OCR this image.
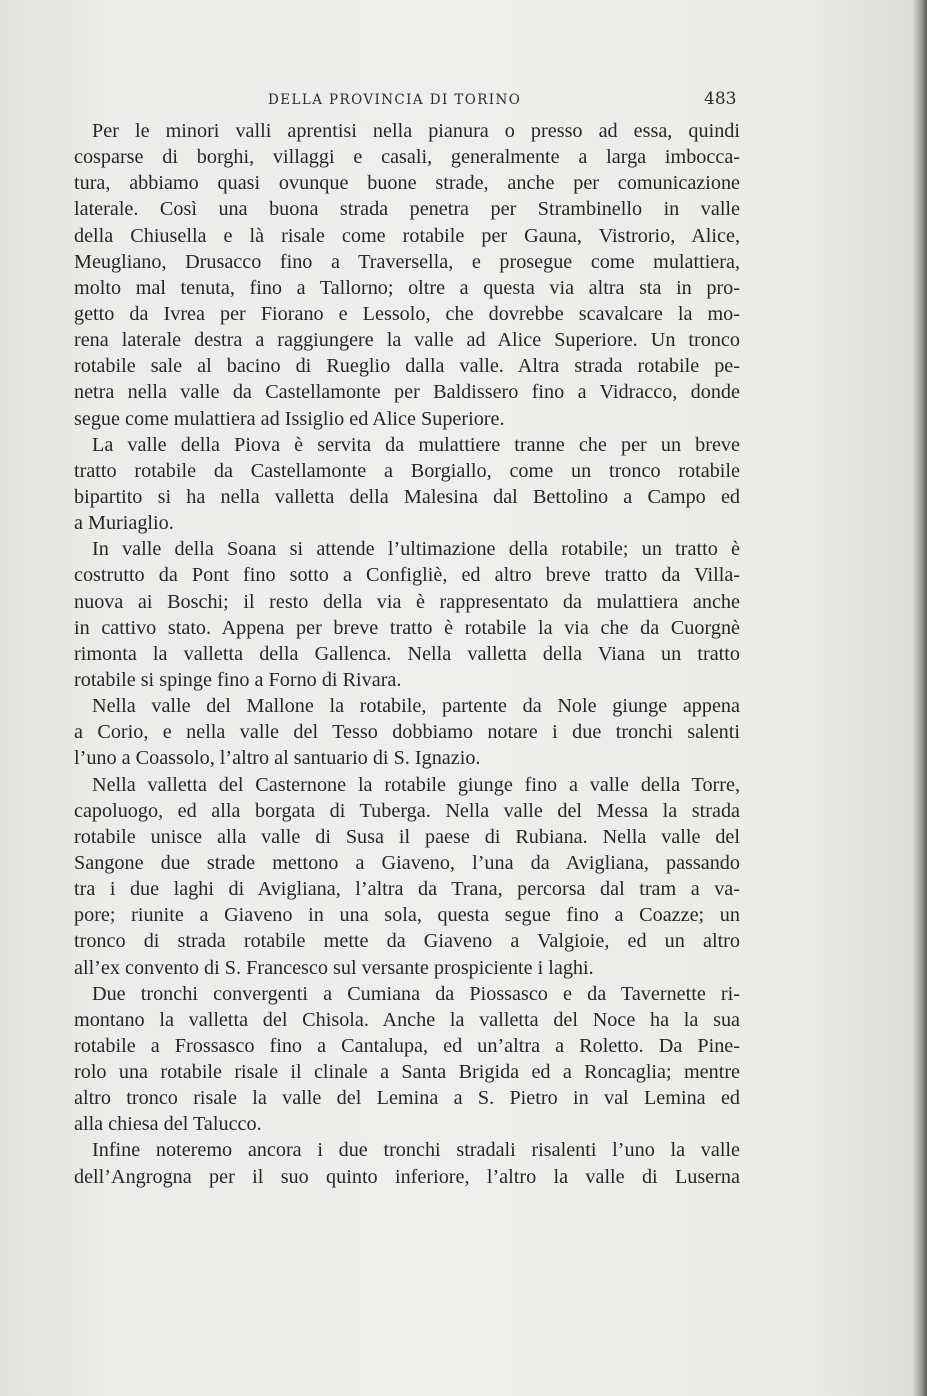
DELLA PROVINCIA DI TORINO	483
Per le minori valli aprentisi nella pianura o presso ad essa, quindi
cosparse di borghi, villaggi e casali, generalmente a larga imbocca-
tura, abbiamo quasi ovunque buone strade, anche per comunicazione
laterale. Così una buona strada penetra per Strambinello in valle
della Chiusella e là risale come rotabile per Gauna, Vistrorio, Alice,
Meugliano, Drusacco fino a Traversella, e prosegue come mulattiera,
molto mal tenuta, fino a Tallorno; oltre a questa via altra sta in pro-
getto da Ivrea per Fiorano e Lessolo, che dovrebbe scavalcare la mo-
rena laterale destra a raggiungere la valle ad Alice Superiore. Un tronco
rotabile sale al bacino di Rueglio dalla valle. Altra strada rotabile pe-
netra nella valle da Castellamonte per Baldissero fino a Vidracco, donde
segue come mulattiera ad Issiglio ed Alice Superiore.
La valle della Piova è servita da mulattiere tranne che per un breve
tratto rotabile da Castellamonte a Borgiallo, come un tronco rotabile
bipartito si ha nella valletta della Malesina dal Bettolino a Campo ed
a Muriaglio.
In valle della Soana si attende l’ultimazione della rotabile; un tratto è
costrutto da Pont fino sotto a Configliè, ed altro breve tratto da Villa-
nuova ai Boschi; il resto della via è rappresentato da mulattiera anche
in cattivo stato. Appena per breve tratto è rotabile la via che da Cuorgnè
rimonta la valletta della Gallenca. Nella valletta della Viana un tratto
rotabile si spinge fino a Forno di Rivara.
Nella valle del Mallone la rotabile, partente da Nole giunge appena
a Corio, e nella valle del Tesso dobbiamo notare i due tronchi salenti
l’uno a Coassolo, l’altro al santuario di S. Ignazio.
Nella valletta del Casternone la rotabile giunge fino a valle della Torre,
capoluogo, ed alla borgata di Tuberga. Nella valle del Messa la strada
rotabile unisce alla valle di Susa il paese di Rubiana. Nella valle del
Sangone due strade mettono a Giaveno, l’una da Avigliana, passando
tra i due laghi di Avigliana, l’altra da Trana, percorsa dal tram a va-
pore; riunite a Giaveno in una sola, questa segue fino a Coazze; un
tronco di strada rotabile mette da Giaveno a Valgioie, ed un altro
all’ex convento di S. Francesco sul versante prospiciente i laghi.
Due tronchi convergenti a Cumiana da Piossasco e da Tavernette ri-
montano la valletta del Chisola. Anche la valletta del Noce ha la sua
rotabile a Frossasco fino a Cantalupa, ed un’altra a Roletto. Da Pine-
rolo una rotabile risale il clinale a Santa Brigida ed a Roncaglia; mentre
altro tronco risale la valle del Lemina a S. Pietro in val Lemina ed
alla chiesa del Talucco.
Infine noteremo ancora i due tronchi stradali risalenti l’uno la valle
dell’Angrogna per il suo quinto inferiore, l’altro la valle di Luserna
